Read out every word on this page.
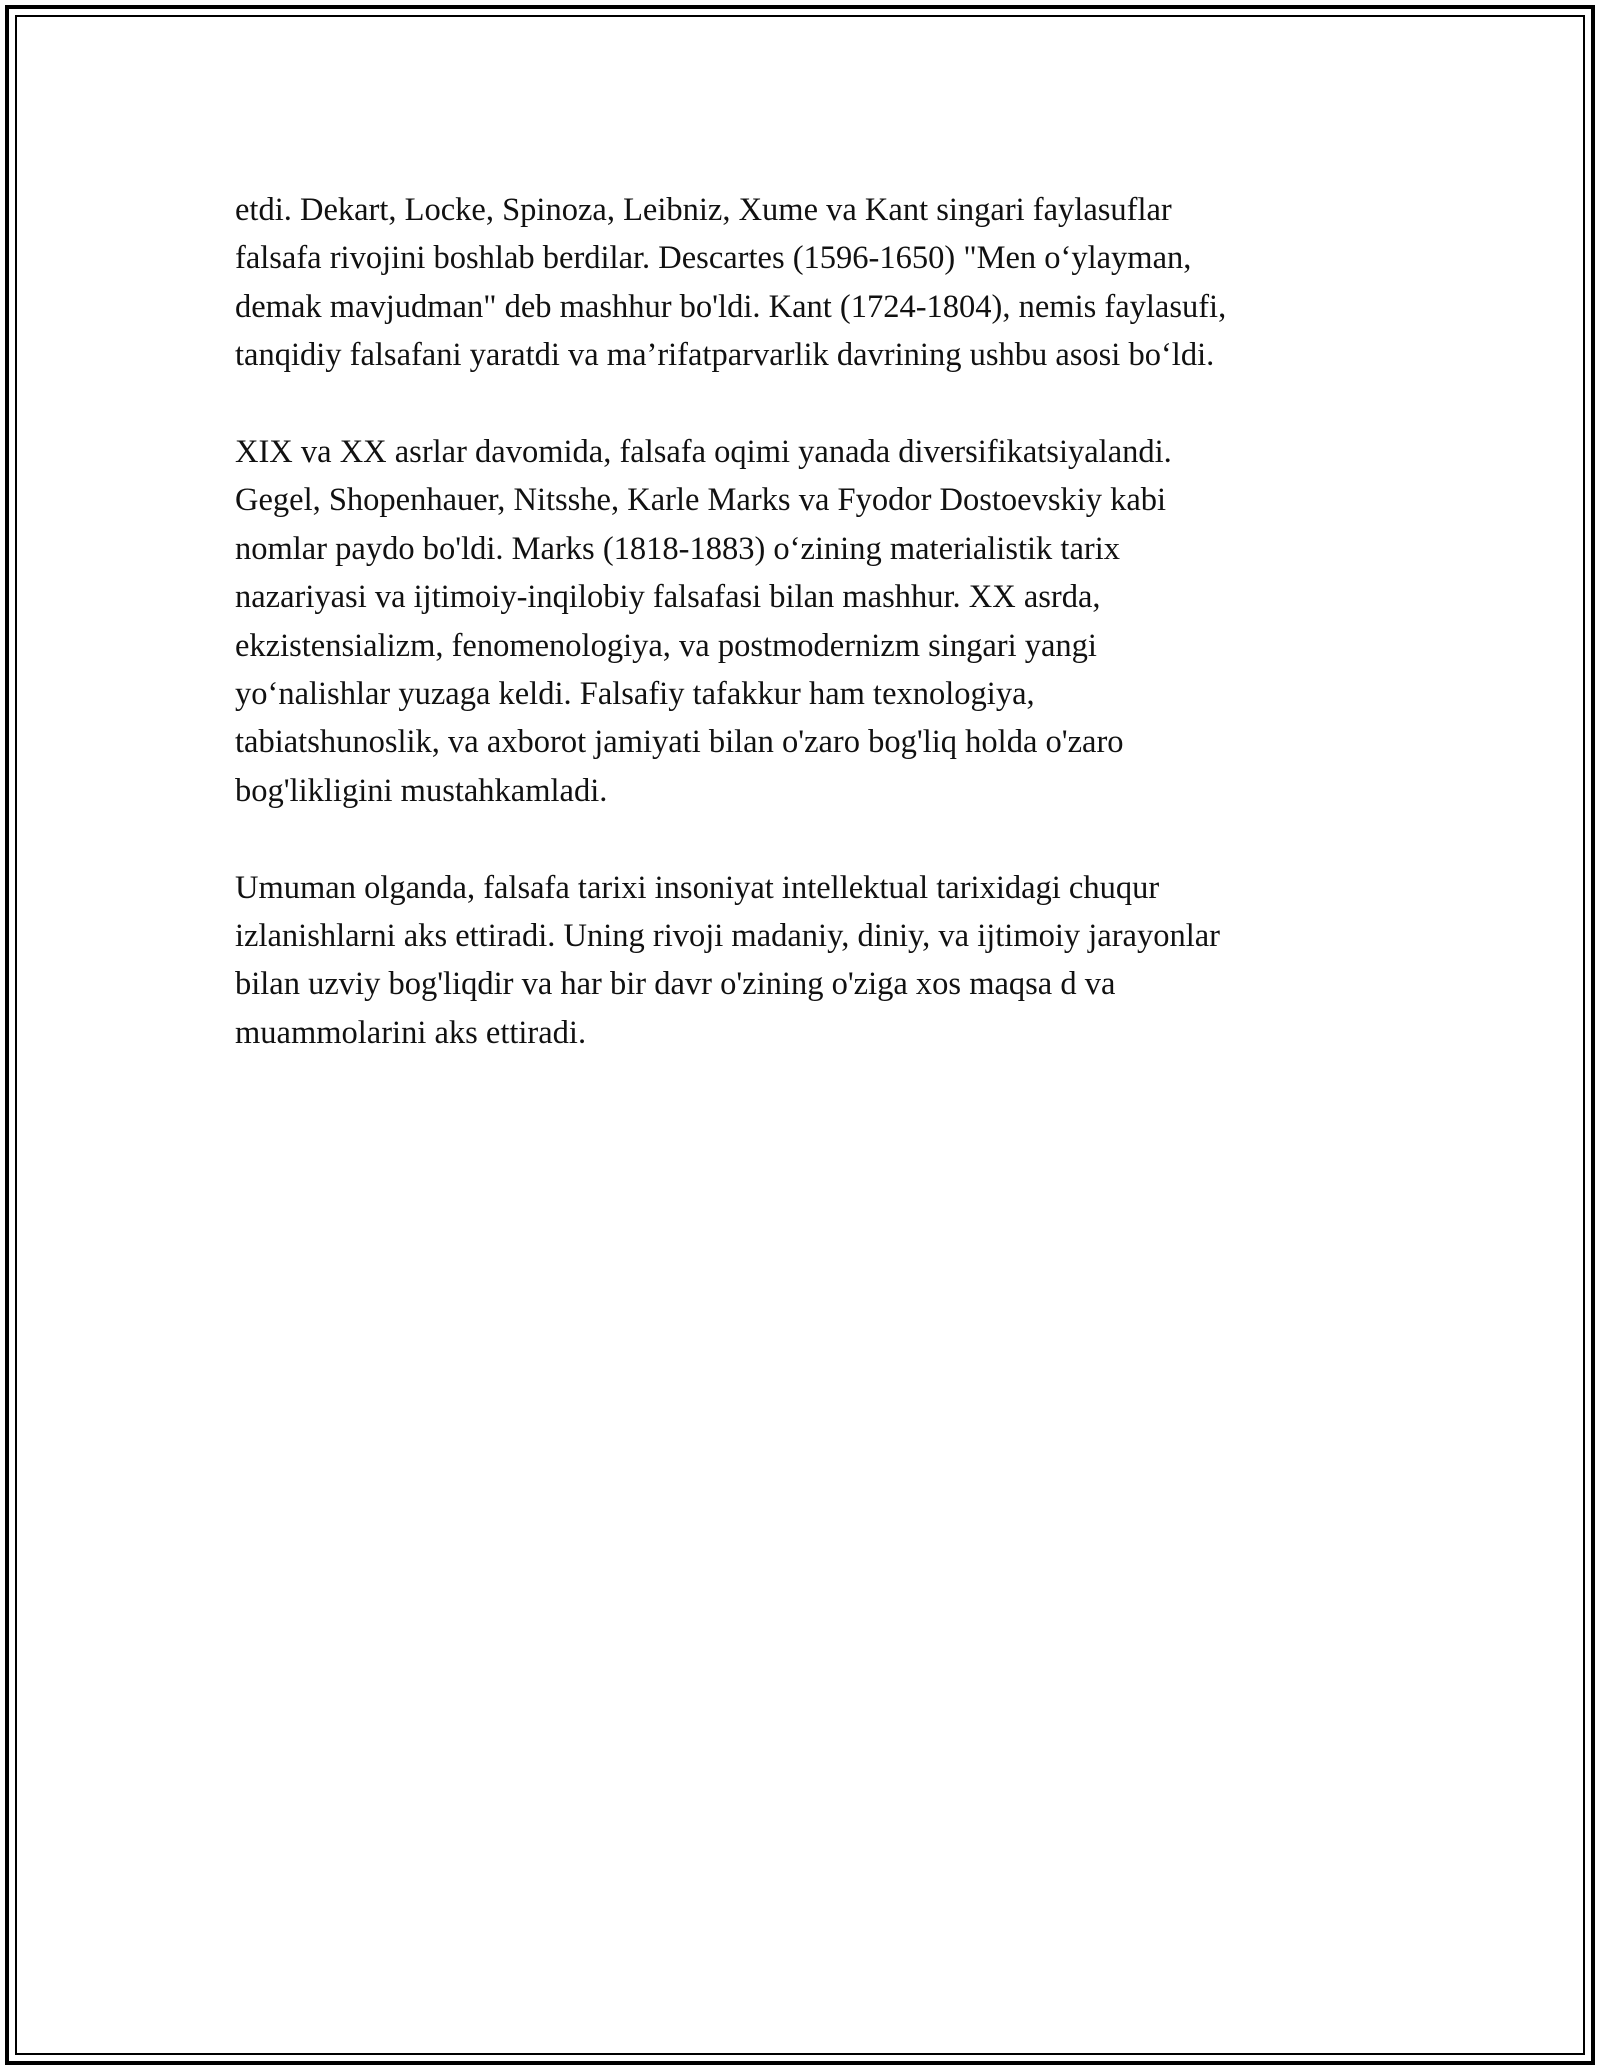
etdi. Dekart, Locke, Spinoza, Leibniz, Xume va Kant singari faylasuflar
falsafa rivojini boshlab berdilar. Descartes (1596-1650) "Men o‘ylayman,
demak mavjudman" deb mashhur bo'ldi. Kant (1724-1804), nemis faylasufi,
tanqidiy falsafani yaratdi va ma’rifatparvarlik davrining ushbu asosi bo‘ldi.

XIX va XX asrlar davomida, falsafa oqimi yanada diversifikatsiyalandi.
Gegel, Shopenhauer, Nitsshe, Karle Marks va Fyodor Dostoevskiy kabi
nomlar paydo bo'ldi. Marks (1818-1883) o‘zining materialistik tarix
nazariyasi va ijtimoiy-inqilobiy falsafasi bilan mashhur. XX asrda,
ekzistensializm, fenomenologiya, va postmodernizm singari yangi
yo‘nalishlar yuzaga keldi. Falsafiy tafakkur ham texnologiya,
tabiatshunoslik, va axborot jamiyati bilan o'zaro bog'liq holda o'zaro
bog'likligini mustahkamladi.

Umuman olganda, falsafa tarixi insoniyat intellektual tarixidagi chuqur
izlanishlarni aks ettiradi. Uning rivoji madaniy, diniy, va ijtimoiy jarayonlar
bilan uzviy bog'liqdir va har bir davr o'zining o'ziga xos maqsa d va
muammolarini aks ettiradi.
